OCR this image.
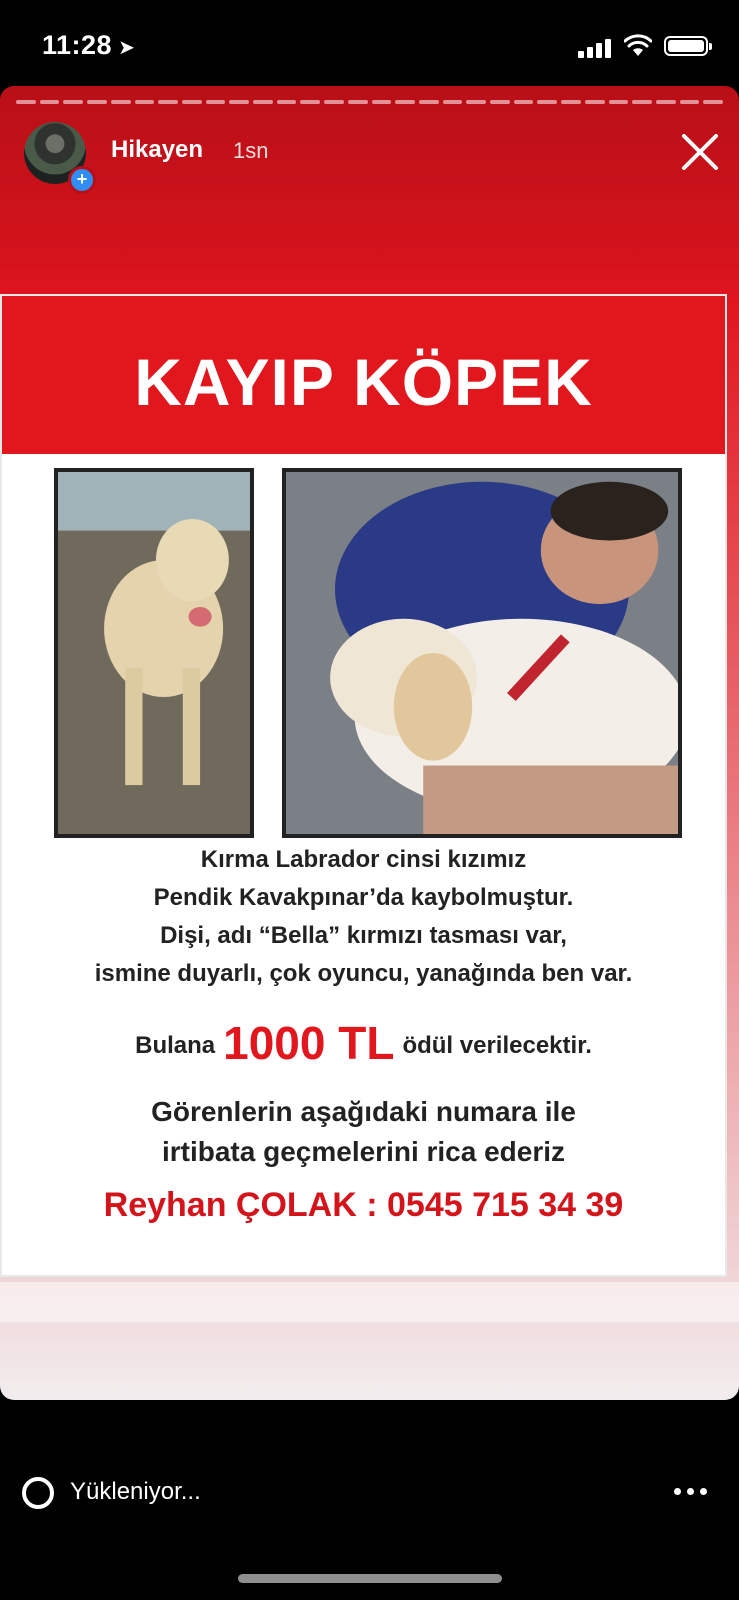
11:28 ➤
+
Hikayen 1sn
KAYIP KÖPEK
Kırma Labrador cinsi kızımız
Pendik Kavakpınar’da kaybolmuştur.
Dişi, adı “Bella” kırmızı tasması var,
ismine duyarlı, çok oyuncu, yanağında ben var.
Bulana 1000 TL ödül verilecektir.
Görenlerin aşağıdaki numara ile
irtibata geçmelerini rica ederiz
Reyhan ÇOLAK : 0545 715 34 39
Yükleniyor...
